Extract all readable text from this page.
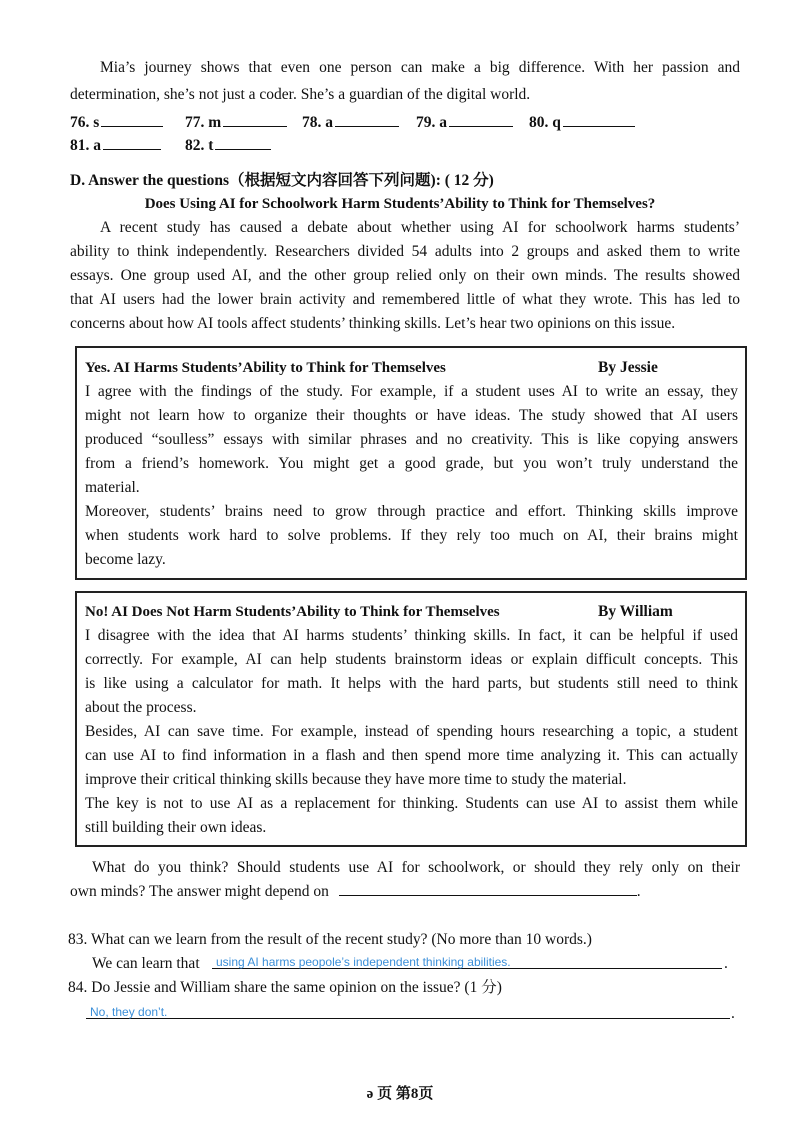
Mia’s journey shows that even one person can make a big difference. With her passion and
determination, she’s not just a coder. She’s a guardian of the digital world.
76. s	77. m	78. a	79. a	80. q
81. a	82. t
D. Answer the questions（根据短文内容回答下列问题): ( 12 分)
Does Using AI for Schoolwork Harm Students’Ability to Think for Themselves?
A recent study has caused a debate about whether using AI for schoolwork harms students’
ability to think independently. Researchers divided 54 adults into 2 groups and asked them to write
essays. One group used AI, and the other group relied only on their own minds. The results showed
that AI users had the lower brain activity and remembered little of what they wrote. This has led to
concerns about how AI tools affect students’ thinking skills. Let’s hear two opinions on this issue.
Yes. AI Harms Students’Ability to Think for Themselves	By Jessie
I agree with the findings of the study. For example, if a student uses AI to write an essay, they
might not learn how to organize their thoughts or have ideas. The study showed that AI users
produced “soulless” essays with similar phrases and no creativity. This is like copying answers
from a friend’s homework. You might get a good grade, but you won’t truly understand the
material.
Moreover, students’ brains need to grow through practice and effort. Thinking skills improve
when students work hard to solve problems. If they rely too much on AI, their brains might
become lazy.
No! AI Does Not Harm Students’Ability to Think for Themselves	By William
I disagree with the idea that AI harms students’ thinking skills. In fact, it can be helpful if used
correctly. For example, AI can help students brainstorm ideas or explain difficult concepts. This
is like using a calculator for math. It helps with the hard parts, but students still need to think
about the process.
Besides, AI can save time. For example, instead of spending hours researching a topic, a student
can use AI to find information in a flash and then spend more time analyzing it. This can actually
improve their critical thinking skills because they have more time to study the material.
The key is not to use AI as a replacement for thinking. Students can use AI to assist them while
still building their own ideas.
What do you think? Should students use AI for schoolwork, or should they rely only on their
own minds? The answer might depend on	.
83. What can we learn from the result of the recent study? (No more than 10 words.)
We can learn that	using AI harms peopole’s independent thinking abilities.	.
84. Do Jessie and William share the same opinion on the issue? (1 分)
No, they don’t.	.
ə 页 第8页
